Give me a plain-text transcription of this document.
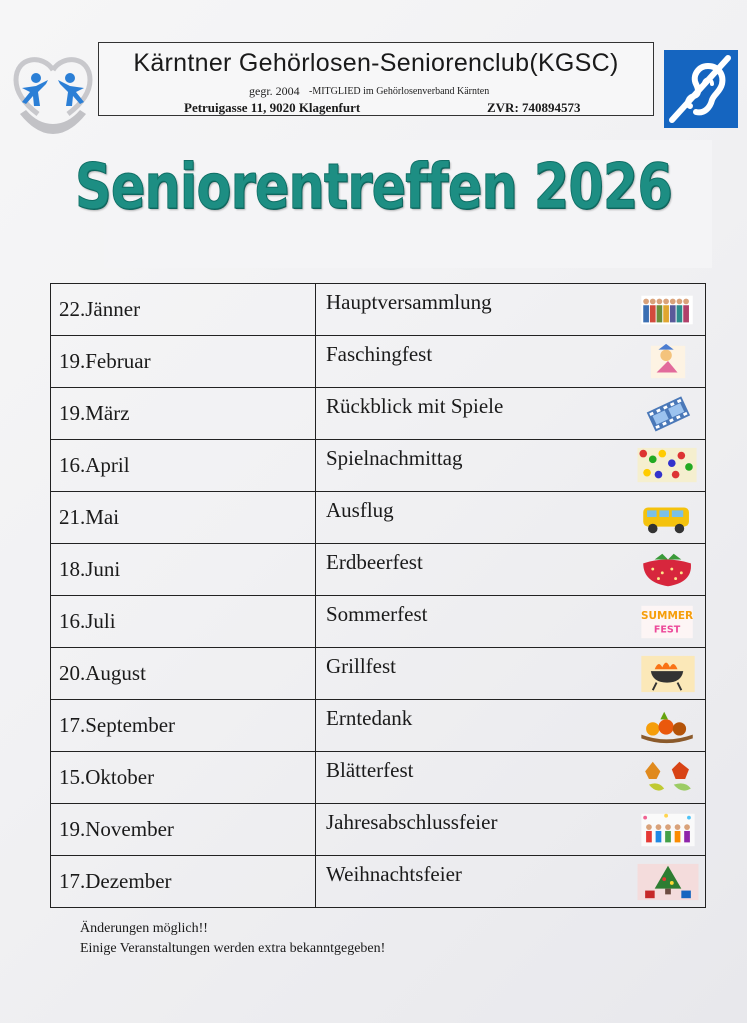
Kärntner Gehörlosen-Seniorenclub(KGSC)
gegr. 2004 -MITGLIED im Gehörlosenverband Kärnten
Petruigasse 11, 9020 Klagenfurt	ZVR: 740894573
Seniorentreffen 2026
22.Jänner	Hauptversammlung

19.Februar	Faschingfest

19.März	Rückblick mit Spiele

16.April	Spielnachmittag

21.Mai	Ausflug

18.Juni	Erdbeerfest

16.Juli	Sommerfest SUMMER
FEST

20.August	Grillfest

17.September	Erntedank

15.Oktober	Blätterfest

19.November	Jahresabschlussfeier

17.Dezember	Weihnachtsfeier
Änderungen möglich!!
Einige Veranstaltungen werden extra bekanntgegeben!
